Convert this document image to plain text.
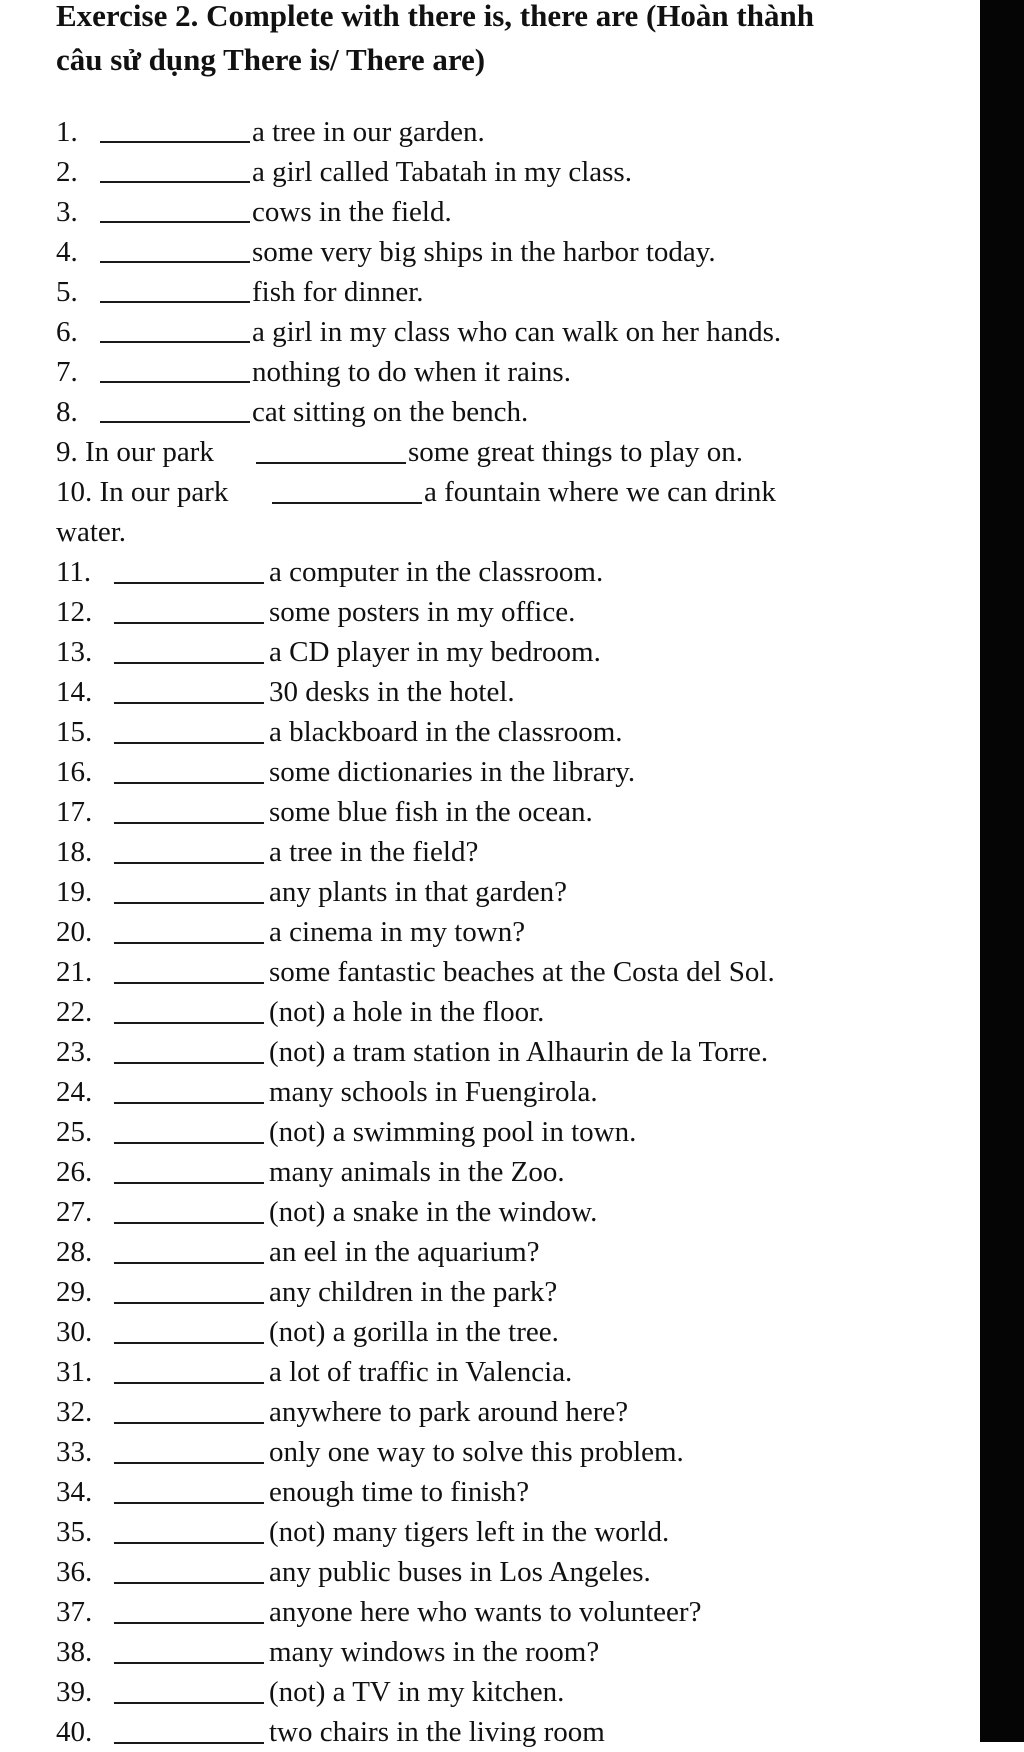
Exercise 2. Complete with there is, there are (Hoàn thành
câu sử dụng There is/ There are)
1.	a tree in our garden.
2.	a girl called Tabatah in my class.
3.	cows in the field.
4.	some very big ships in the harbor today.
5.	fish for dinner.
6.	a girl in my class who can walk on her hands.
7.	nothing to do when it rains.
8.	cat sitting on the bench.
9. In our park	some great things to play on.
10. In our park	a fountain where we can drink
water.
11.	a computer in the classroom.
12.	some posters in my office.
13.	a CD player in my bedroom.
14.	30 desks in the hotel.
15.	a blackboard in the classroom.
16.	some dictionaries in the library.
17.	some blue fish in the ocean.
18.	a tree in the field?
19.	any plants in that garden?
20.	a cinema in my town?
21.	some fantastic beaches at the Costa del Sol.
22.	(not) a hole in the floor.
23.	(not) a tram station in Alhaurin de la Torre.
24.	many schools in Fuengirola.
25.	(not) a swimming pool in town.
26.	many animals in the Zoo.
27.	(not) a snake in the window.
28.	an eel in the aquarium?
29.	any children in the park?
30.	(not) a gorilla in the tree.
31.	a lot of traffic in Valencia.
32.	anywhere to park around here?
33.	only one way to solve this problem.
34.	enough time to finish?
35.	(not) many tigers left in the world.
36.	any public buses in Los Angeles.
37.	anyone here who wants to volunteer?
38.	many windows in the room?
39.	(not) a TV in my kitchen.
40.	two chairs in the living room
